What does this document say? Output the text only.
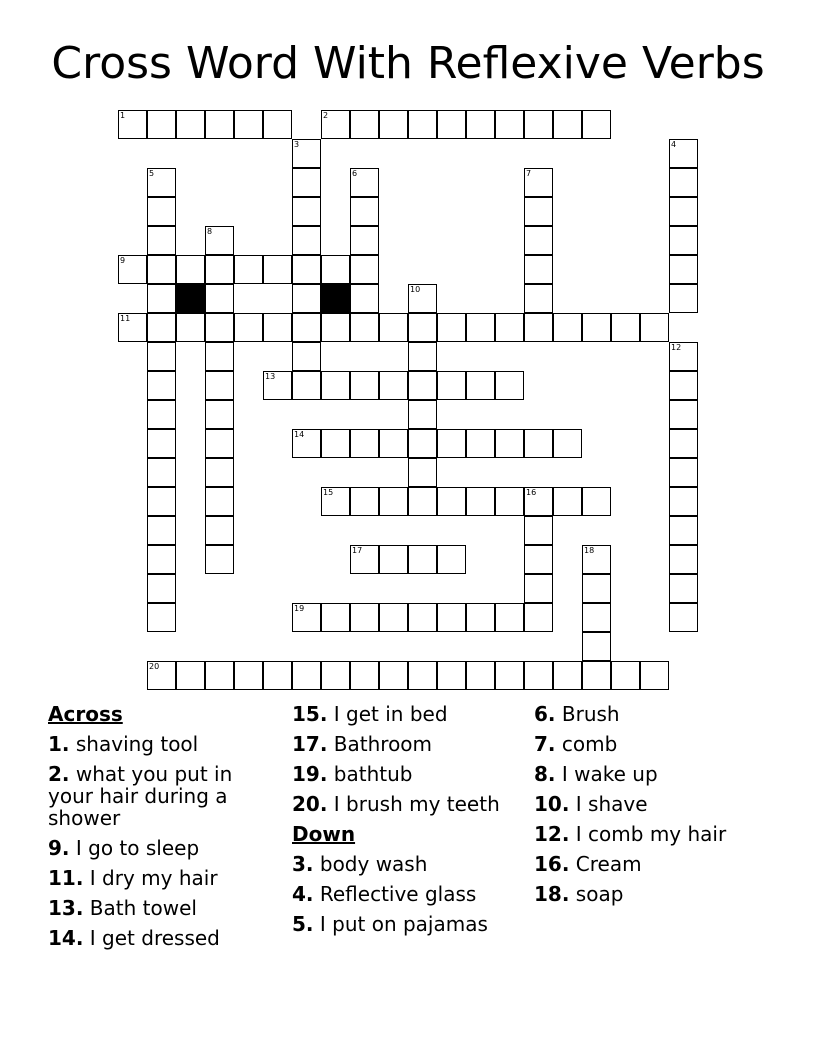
Cross Word With Reflexive Verbs
1	2
3	4
5	6	7
8
9
10
11
12
13
14
15	16
17	18
19
20
Across
1. shaving tool
2. what you put in your hair during a shower
9. I go to sleep
11. I dry my hair
13. Bath towel
14. I get dressed
15. I get in bed
17. Bathroom
19. bathtub
20. I brush my teeth
Down
3. body wash
4. Reflective glass
5. I put on pajamas
6. Brush
7. comb
8. I wake up
10. I shave
12. I comb my hair
16. Cream
18. soap
